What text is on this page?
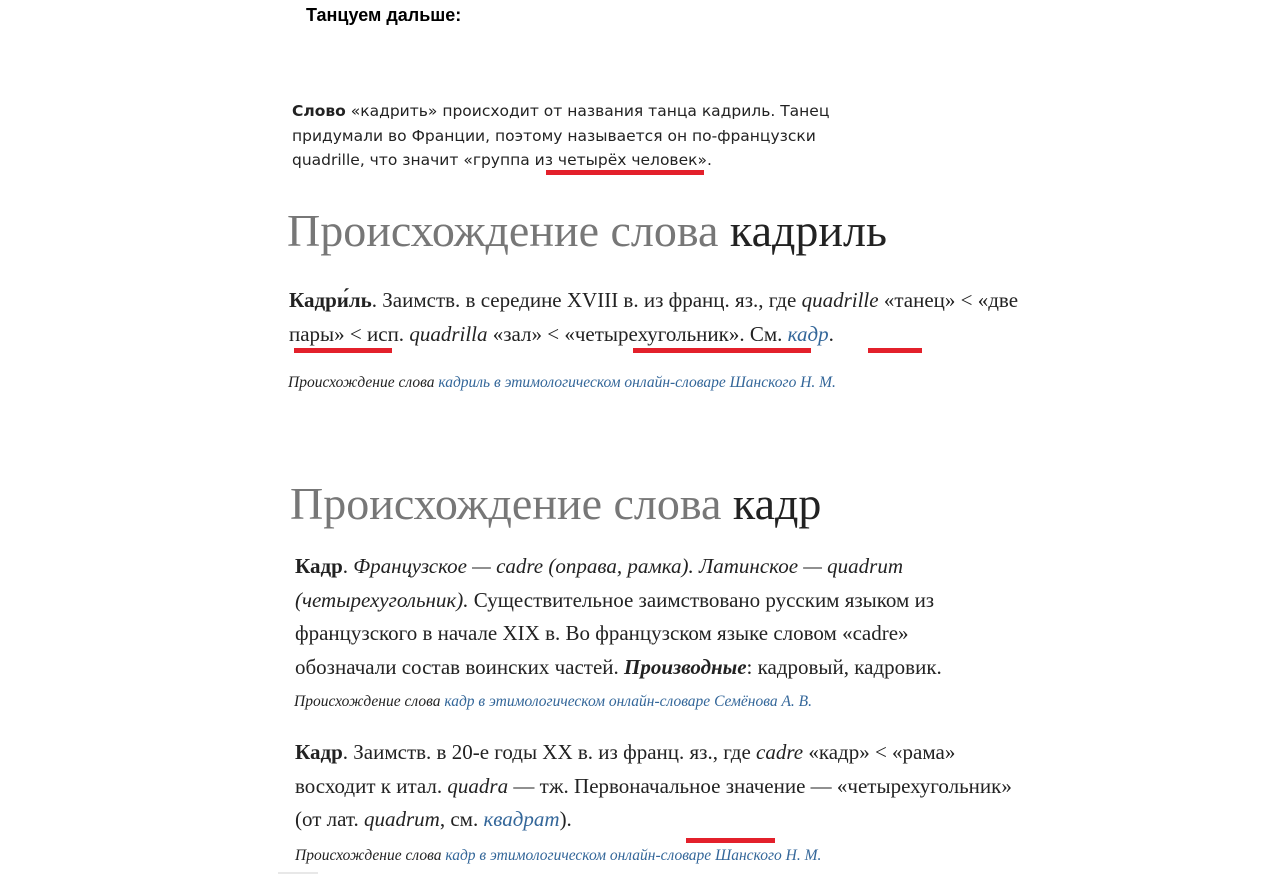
Танцуем дальше:
Слово «кадрить» происходит от названия танца кадриль. Танец придумали во Франции, поэтому называется он по-французски quadrille, что значит «группа из четырёх человек».
Происхождение слова кадриль
Кадри́ль. Заимств. в середине XVIII в. из франц. яз., где quadrille «танец» < «две пары» < исп. quadrilla «зал» < «четырехугольник». См. кадр.
Происхождение слова кадриль в этимологическом онлайн-словаре Шанского Н. М.
Происхождение слова кадр
Кадр. Французское — cadre (оправа, рамка). Латинское — quadrum (четырехугольник). Существительное заимствовано русским языком из французского в начале XIX в. Во французском языке словом «cadre» обозначали состав воинских частей. Производные: кадровый, кадровик.
Происхождение слова кадр в этимологическом онлайн-словаре Семёнова А. В.
Кадр. Заимств. в 20-е годы XX в. из франц. яз., где cadre «кадр» < «рама» восходит к итал. quadra — тж. Первоначальное значение — «четырехугольник» (от лат. quadrum, см. квадрат).
Происхождение слова кадр в этимологическом онлайн-словаре Шанского Н. М.
